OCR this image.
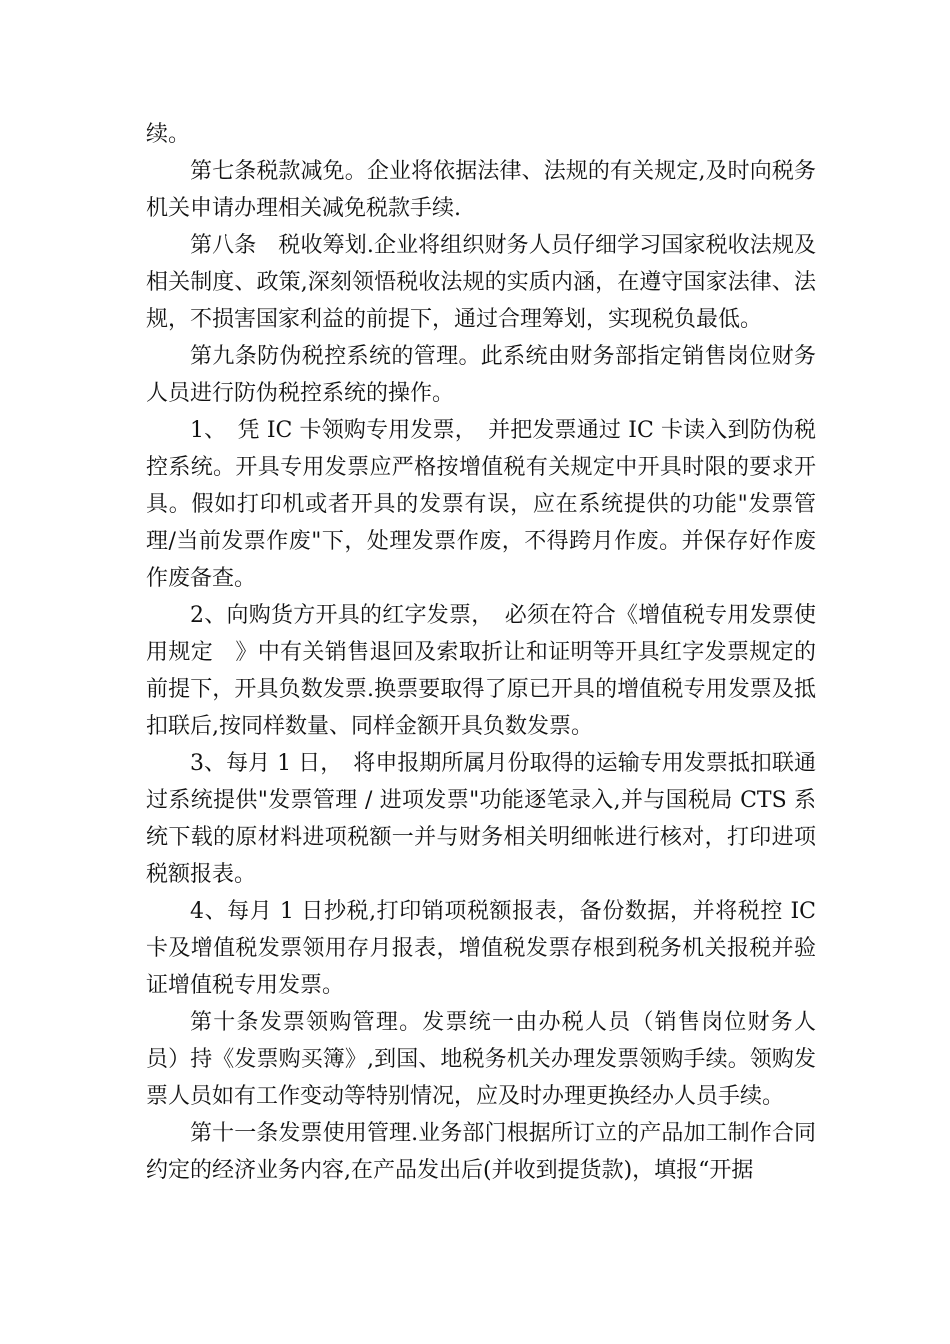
续。

第七条税款减免。企业将依据法律、法规的有关规定,及时向税务机关申请办理相关减免税款手续.

第八条　税收筹划.企业将组织财务人员仔细学习国家税收法规及相关制度、政策,深刻领悟税收法规的实质内涵，在遵守国家法律、法规，不损害国家利益的前提下，通过合理筹划，实现税负最低。

第九条防伪税控系统的管理。此系统由财务部指定销售岗位财务人员进行防伪税控系统的操作。

1、　凭 IC 卡领购专用发票，　并把发票通过 IC 卡读入到防伪税控系统。开具专用发票应严格按增值税有关规定中开具时限的要求开具。假如打印机或者开具的发票有误，应在系统提供的功能"发票管理/当前发票作废"下，处理发票作废，不得跨月作废。并保存好作废作废备查。

2、向购货方开具的红字发票，　必须在符合《增值税专用发票使用规定　》中有关销售退回及索取折让和证明等开具红字发票规定的前提下，开具负数发票.换票要取得了原已开具的增值税专用发票及抵扣联后,按同样数量、同样金额开具负数发票。

3、每月 1 日，　将申报期所属月份取得的运输专用发票抵扣联通过系统提供"发票管理 / 进项发票"功能逐笔录入,并与国税局 CTS 系统下载的原材料进项税额一并与财务相关明细帐进行核对，打印进项税额报表。

4、每月 1 日抄税,打印销项税额报表，备份数据，并将税控 IC 卡及增值税发票领用存月报表，增值税发票存根到税务机关报税并验证增值税专用发票。

第十条发票领购管理。发票统一由办税人员（销售岗位财务人员）持《发票购买簿》,到国、地税务机关办理发票领购手续。领购发票人员如有工作变动等特别情况，应及时办理更换经办人员手续。

第十一条发票使用管理.业务部门根据所订立的产品加工制作合同约定的经济业务内容,在产品发出后(并收到提货款)，填报“开据
